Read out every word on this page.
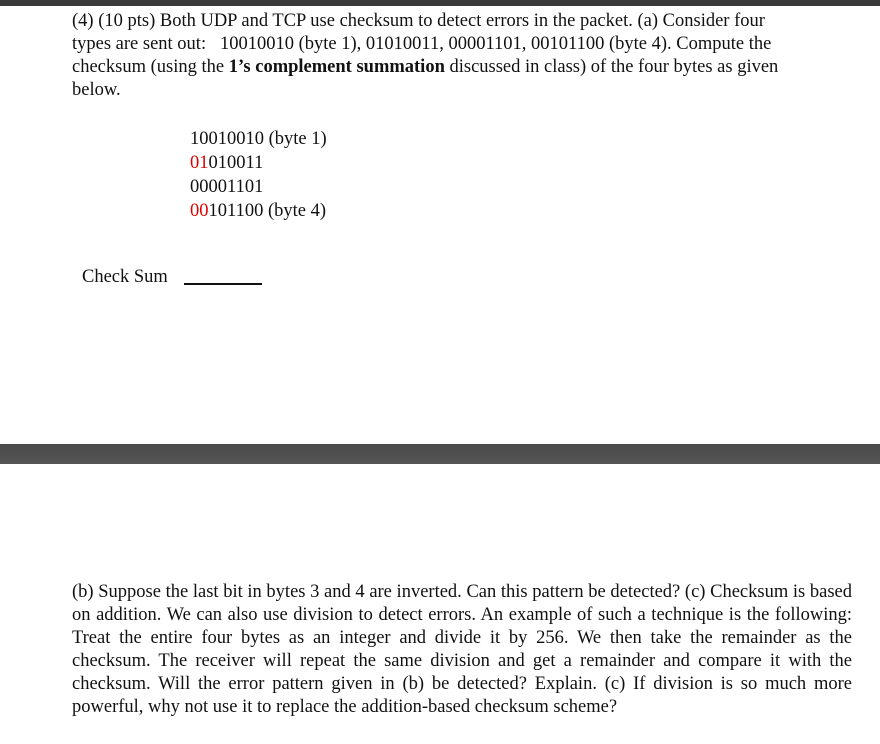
(4) (10 pts) Both UDP and TCP use checksum to detect errors in the packet. (a) Consider four
types are sent out:   10010010 (byte 1), 01010011, 00001101, 00101100 (byte 4). Compute the
checksum (using the 1’s complement summation discussed in class) of the four bytes as given
below.
10010010 (byte 1)
01010011
00001101
00101100 (byte 4)
Check Sum

(b) Suppose the last bit in bytes 3 and 4 are inverted. Can this pattern be detected? (c) Checksum is based on addition. We can also use division to detect errors. An example of such a technique is the following: Treat the entire four bytes as an integer and divide it by 256. We then take the remainder as the checksum. The receiver will repeat the same division and get a remainder and compare it with the checksum. Will the error pattern given in (b) be detected? Explain. (c) If division is so much more powerful, why not use it to replace the addition-based checksum scheme?
